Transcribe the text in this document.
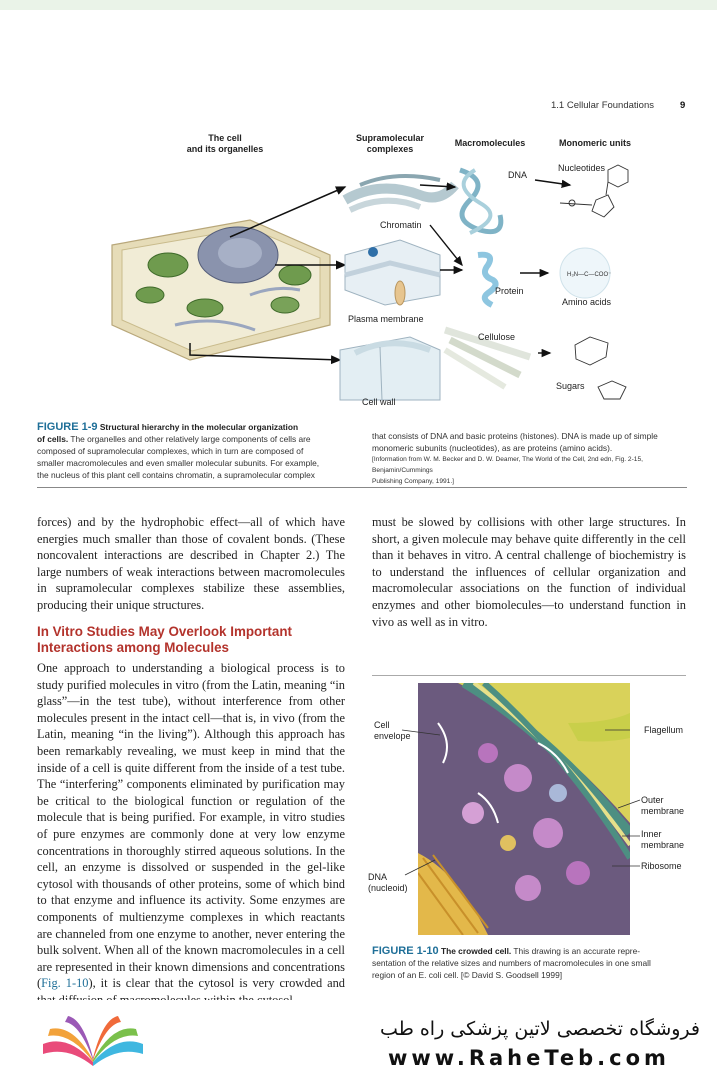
1.1 Cellular Foundations	9
The cell
and its organelles
Supramolecular
complexes
Macromolecules	Monomeric units
H₃N—C—COO⁻
DNA
Nucleotides
Chromatin
Protein
Amino acids
Plasma membrane
Cellulose
Sugars
Cell wall
FIGURE 1-9 Structural hierarchy in the molecular organization
of cells. The organelles and other relatively large components of cells are
composed of supramolecular complexes, which in turn are composed of
smaller macromolecules and even smaller molecular subunits. For example,
the nucleus of this plant cell contains chromatin, a supramolecular complex
that consists of DNA and basic proteins (histones). DNA is made up of simple
monomeric subunits (nucleotides), as are proteins (amino acids).
[Information from W. M. Becker and D. W. Deamer, The World of the Cell, 2nd edn, Fig. 2-15, Benjamin/Cummings
Publishing Company, 1991.]

forces) and by the hydrophobic effect—all of which have energies much smaller than those of covalent bonds. (These noncovalent interactions are described in Chapter 2.) The large numbers of weak interactions between macromolecules in supramolecular complexes stabilize these assemblies, producing their unique structures.

In Vitro Studies May Overlook Important Interactions among Molecules

One approach to understanding a biological process is to study purified molecules in vitro (from the Latin, meaning “in glass”—in the test tube), without interference from other molecules present in the intact cell—that is, in vivo (from the Latin, meaning “in the living”). Although this approach has been remarkably revealing, we must keep in mind that the inside of a cell is quite different from the inside of a test tube. The “interfering” components eliminated by purification may be critical to the biological function or regulation of the molecule that is being purified. For example, in vitro studies of pure enzymes are commonly done at very low enzyme concentrations in thoroughly stirred aqueous solutions. In the cell, an enzyme is dissolved or suspended in the gel-like cytosol with thousands of other proteins, some of which bind to that enzyme and influence its activity. Some enzymes are components of multienzyme complexes in which reactants are channeled from one enzyme to another, never entering the bulk solvent. When all of the known macromolecules in a cell are represented in their known dimensions and concentrations (Fig. 1-10), it is clear that the cytosol is very crowded and

must be slowed by collisions with other large structures. In short, a given molecule may behave quite differently in the cell than it behaves in vitro. A central challenge of biochemistry is to understand the influences of cellular organization and macromolecular associations on the function of individual enzymes and other biomolecules—to understand function in vivo as well as in vitro.

Cell
envelope
Flagellum
Outer
membrane
Inner
membrane
Ribosome
DNA
(nucleoid)
FIGURE 1-10 The crowded cell. This drawing is an accurate repre-
sentation of the relative sizes and numbers of macromolecules in one small
region of an E. coli cell. [© David S. Goodsell 1999]
فروشگاه تخصصی لاتین پزشکی راه طب
www.RaheTeb.com
